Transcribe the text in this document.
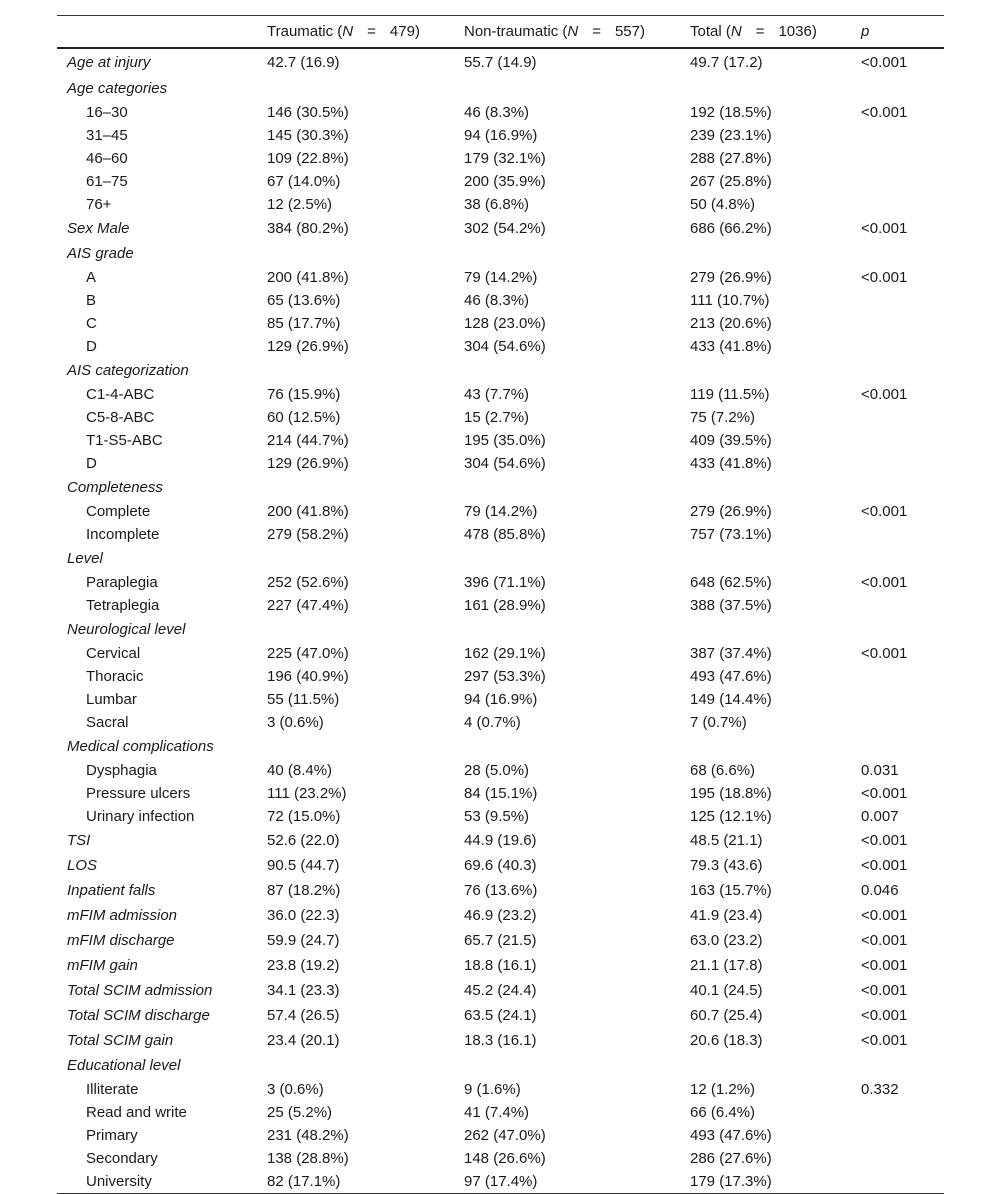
	Traumatic (N = 479)	Non-traumatic (N = 557)	Total (N = 1036)	p
Age at injury	42.7 (16.9)	55.7 (14.9)	49.7 (17.2)	<0.001
Age categories				
16–30	146 (30.5%)	46 (8.3%)	192 (18.5%)	<0.001
31–45	145 (30.3%)	94 (16.9%)	239 (23.1%)	
46–60	109 (22.8%)	179 (32.1%)	288 (27.8%)	
61–75	67 (14.0%)	200 (35.9%)	267 (25.8%)	
76+	12 (2.5%)	38 (6.8%)	50 (4.8%)	
Sex Male	384 (80.2%)	302 (54.2%)	686 (66.2%)	<0.001
AIS grade				
A	200 (41.8%)	79 (14.2%)	279 (26.9%)	<0.001
B	65 (13.6%)	46 (8.3%)	111 (10.7%)	
C	85 (17.7%)	128 (23.0%)	213 (20.6%)	
D	129 (26.9%)	304 (54.6%)	433 (41.8%)	
AIS categorization				
C1-4-ABC	76 (15.9%)	43 (7.7%)	119 (11.5%)	<0.001
C5-8-ABC	60 (12.5%)	15 (2.7%)	75 (7.2%)	
T1-S5-ABC	214 (44.7%)	195 (35.0%)	409 (39.5%)	
D	129 (26.9%)	304 (54.6%)	433 (41.8%)	
Completeness				
Complete	200 (41.8%)	79 (14.2%)	279 (26.9%)	<0.001
Incomplete	279 (58.2%)	478 (85.8%)	757 (73.1%)	
Level				
Paraplegia	252 (52.6%)	396 (71.1%)	648 (62.5%)	<0.001
Tetraplegia	227 (47.4%)	161 (28.9%)	388 (37.5%)	
Neurological level				
Cervical	225 (47.0%)	162 (29.1%)	387 (37.4%)	<0.001
Thoracic	196 (40.9%)	297 (53.3%)	493 (47.6%)	
Lumbar	55 (11.5%)	94 (16.9%)	149 (14.4%)	
Sacral	3 (0.6%)	4 (0.7%)	7 (0.7%)	
Medical complications				
Dysphagia	40 (8.4%)	28 (5.0%)	68 (6.6%)	0.031
Pressure ulcers	111 (23.2%)	84 (15.1%)	195 (18.8%)	<0.001
Urinary infection	72 (15.0%)	53 (9.5%)	125 (12.1%)	0.007
TSI	52.6 (22.0)	44.9 (19.6)	48.5 (21.1)	<0.001
LOS	90.5 (44.7)	69.6 (40.3)	79.3 (43.6)	<0.001
Inpatient falls	87 (18.2%)	76 (13.6%)	163 (15.7%)	0.046
mFIM admission	36.0 (22.3)	46.9 (23.2)	41.9 (23.4)	<0.001
mFIM discharge	59.9 (24.7)	65.7 (21.5)	63.0 (23.2)	<0.001
mFIM gain	23.8 (19.2)	18.8 (16.1)	21.1 (17.8)	<0.001
Total SCIM admission	34.1 (23.3)	45.2 (24.4)	40.1 (24.5)	<0.001
Total SCIM discharge	57.4 (26.5)	63.5 (24.1)	60.7 (25.4)	<0.001
Total SCIM gain	23.4 (20.1)	18.3 (16.1)	20.6 (18.3)	<0.001
Educational level				
Illiterate	3 (0.6%)	9 (1.6%)	12 (1.2%)	0.332
Read and write	25 (5.2%)	41 (7.4%)	66 (6.4%)	
Primary	231 (48.2%)	262 (47.0%)	493 (47.6%)	
Secondary	138 (28.8%)	148 (26.6%)	286 (27.6%)	
University	82 (17.1%)	97 (17.4%)	179 (17.3%)	
